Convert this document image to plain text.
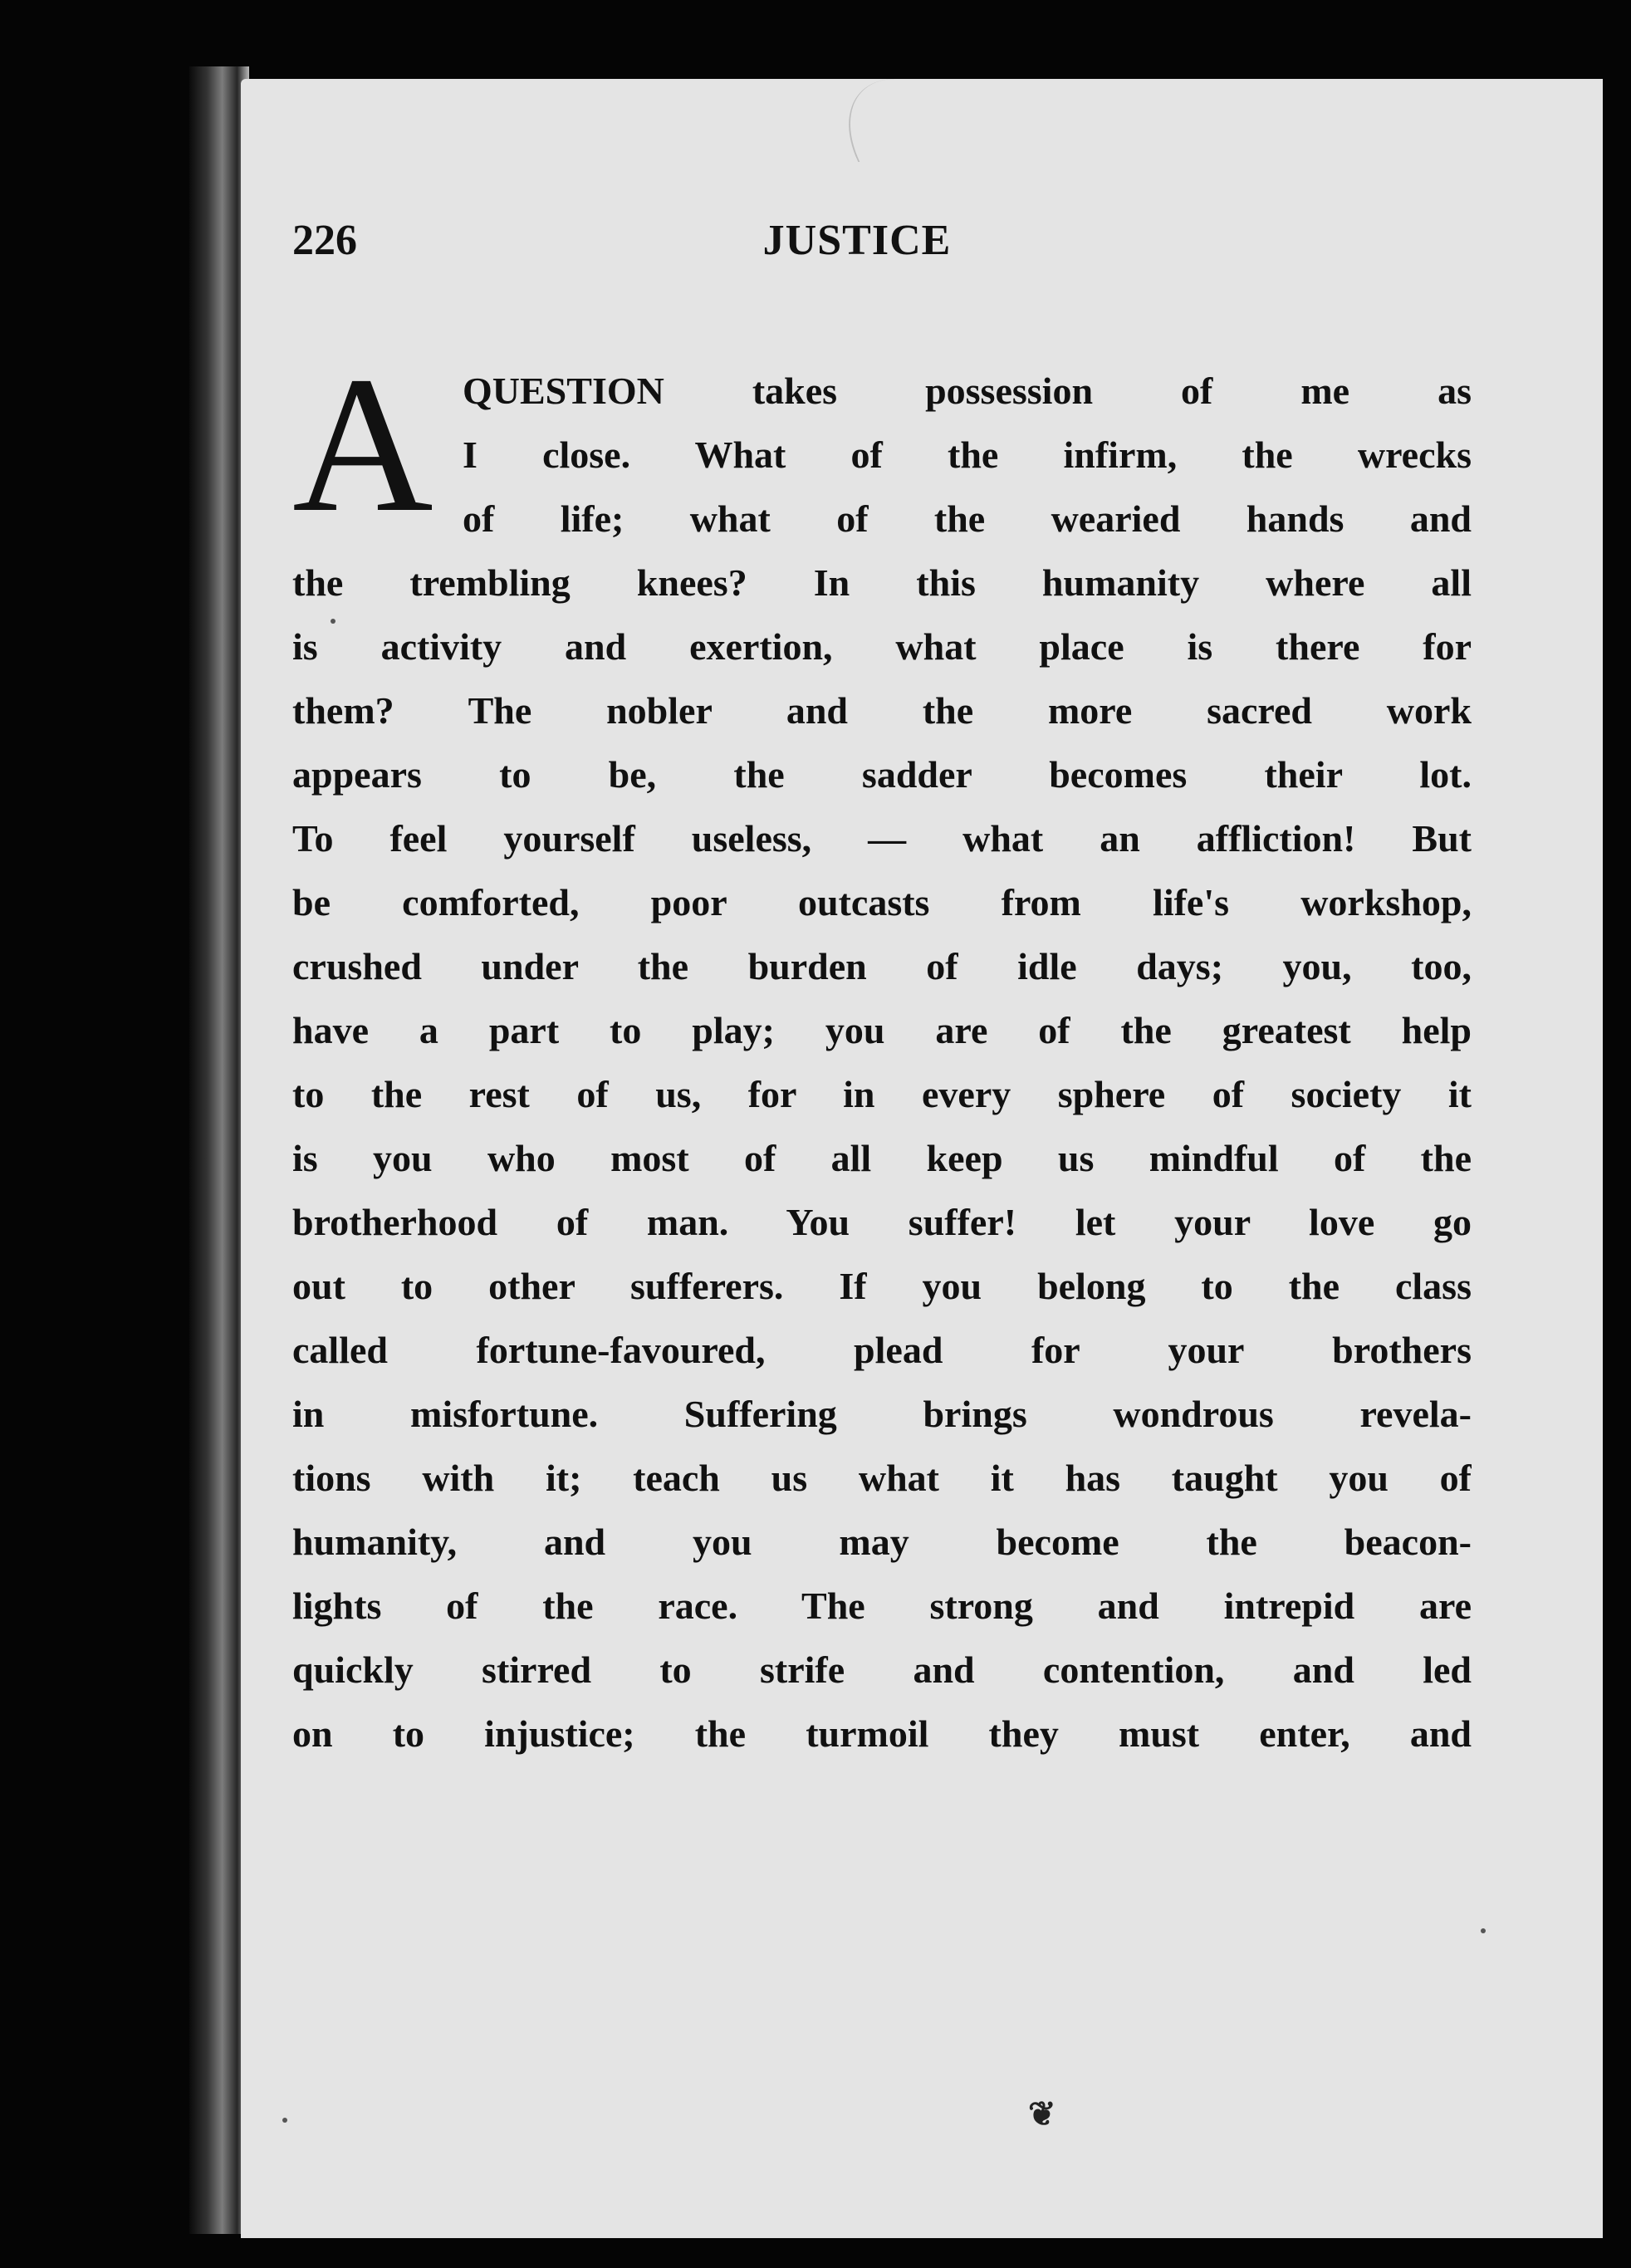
226	JUSTICE
A QUESTION takes possession of me as
I close. What of the infirm, the wrecks
of life; what of the wearied hands and
the trembling knees? In this humanity where all
is activity and exertion, what place is there for
them? The nobler and the more sacred work
appears to be, the sadder becomes their lot.
To feel yourself useless, — what an affliction! But
be comforted, poor outcasts from life's workshop,
crushed under the burden of idle days; you, too,
have a part to play; you are of the greatest help
to the rest of us, for in every sphere of society it
is you who most of all keep us mindful of the
brotherhood of man. You suffer! let your love go
out to other sufferers. If you belong to the class
called fortune-favoured, plead for your brothers
in misfortune. Suffering brings wondrous revela-
tions with it; teach us what it has taught you of
humanity, and you may become the beacon-
lights of the race. The strong and intrepid are
quickly stirred to strife and contention, and led
on to injustice; the turmoil they must enter, and
❦
